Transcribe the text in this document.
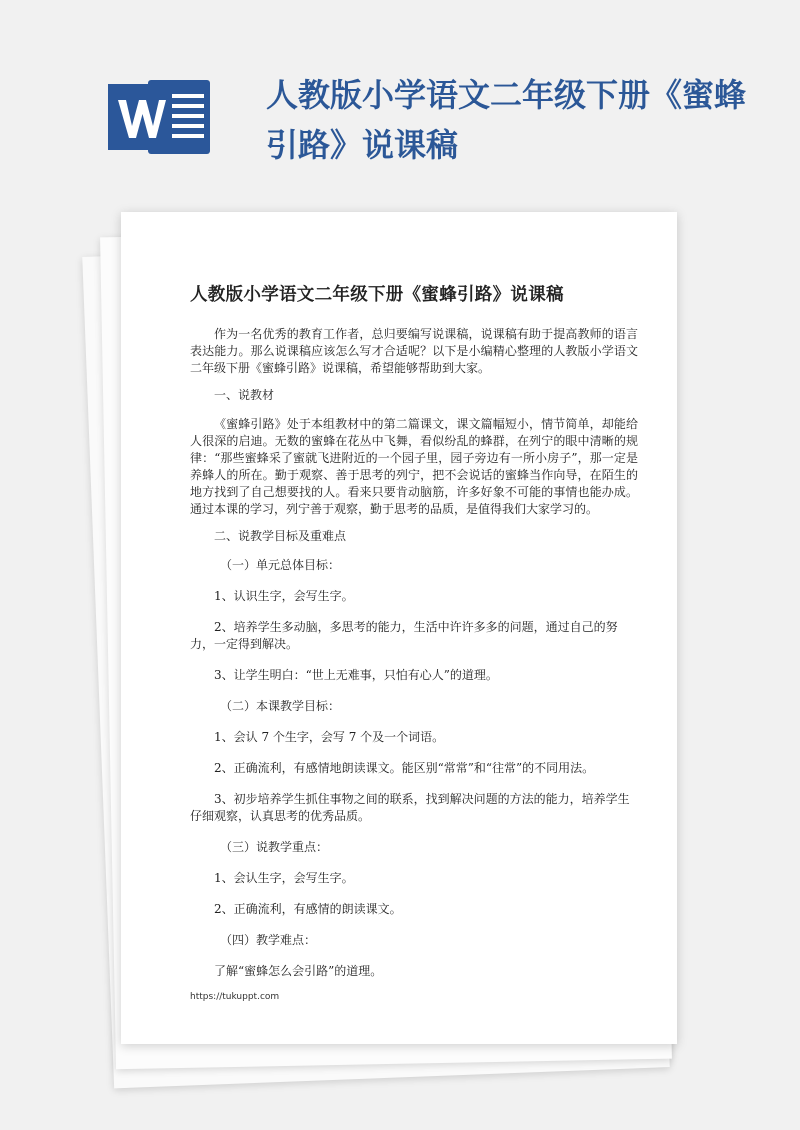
人教版小学语文二年级下册《蜜蜂引路》说课稿
人教版小学语文二年级下册《蜜蜂引路》说课稿
作为一名优秀的教育工作者，总归要编写说课稿，说课稿有助于提高教师的语言表达能力。那么说课稿应该怎么写才合适呢？以下是小编精心整理的人教版小学语文二年级下册《蜜蜂引路》说课稿，希望能够帮助到大家。
一、说教材
《蜜蜂引路》处于本组教材中的第二篇课文，课文篇幅短小，情节简单，却能给人很深的启迪。无数的蜜蜂在花丛中飞舞，看似纷乱的蜂群，在列宁的眼中清晰的规律：“那些蜜蜂采了蜜就飞进附近的一个园子里，园子旁边有一所小房子”，那一定是养蜂人的所在。勤于观察、善于思考的列宁，把不会说话的蜜蜂当作向导，在陌生的地方找到了自己想要找的人。看来只要肯动脑筋，许多好象不可能的事情也能办成。通过本课的学习，列宁善于观察，勤于思考的品质，是值得我们大家学习的。
二、说教学目标及重难点
（一）单元总体目标：
1、认识生字，会写生字。
2、培养学生多动脑，多思考的能力，生活中许许多多的问题，通过自己的努力，一定得到解决。
3、让学生明白：“世上无难事，只怕有心人”的道理。
（二）本课教学目标：
1、会认 7 个生字，会写 7 个及一个词语。
2、正确流利，有感情地朗读课文。能区别“常常”和“往常”的不同用法。
3、初步培养学生抓住事物之间的联系，找到解决问题的方法的能力，培养学生仔细观察，认真思考的优秀品质。
（三）说教学重点：
1、会认生字，会写生字。
2、正确流利，有感情的朗读课文。
（四）教学难点：
了解“蜜蜂怎么会引路”的道理。
https://tukuppt.com
